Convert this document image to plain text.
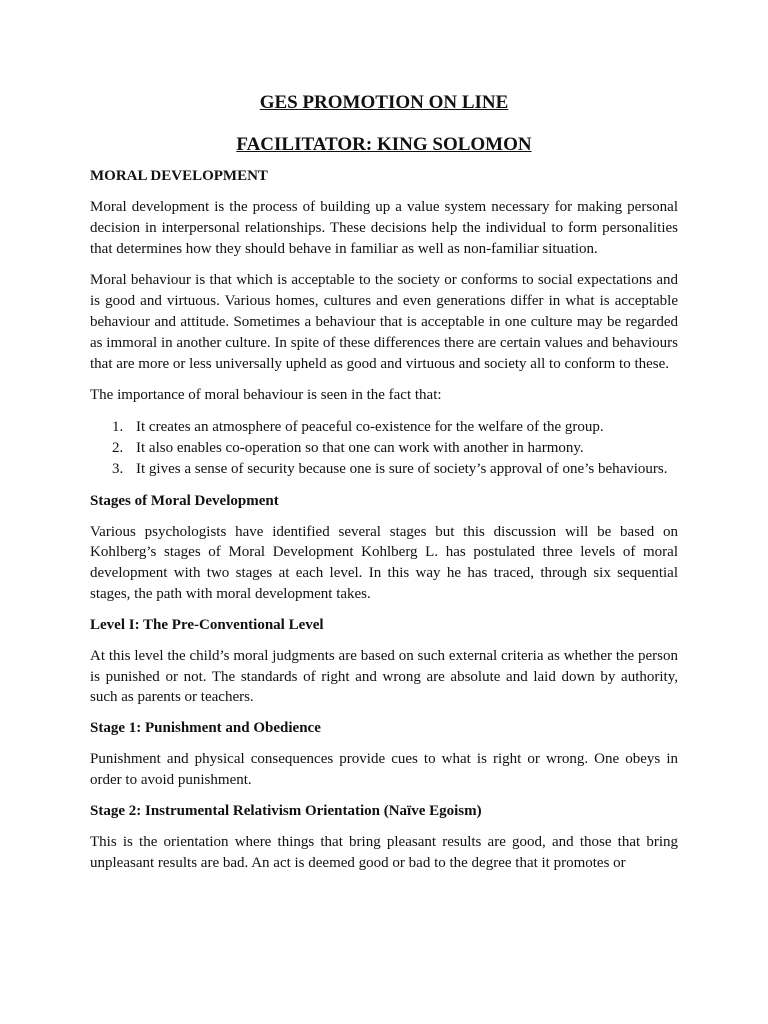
GES PROMOTION ON LINE
FACILITATOR: KING SOLOMON
MORAL DEVELOPMENT

Moral development is the process of building up a value system necessary for making personal decision in interpersonal relationships. These decisions help the individual to form personalities that determines how they should behave in familiar as well as non-familiar situation.

Moral behaviour is that which is acceptable to the society or conforms to social expectations and is good and virtuous. Various homes, cultures and even generations differ in what is acceptable behaviour and attitude. Sometimes a behaviour that is acceptable in one culture may be regarded as immoral in another culture. In spite of these differences there are certain values and behaviours that are more or less universally upheld as good and virtuous and society all to conform to these.

The importance of moral behaviour is seen in the fact that:

1. It creates an atmosphere of peaceful co-existence for the welfare of the group.
2. It also enables co-operation so that one can work with another in harmony.
3. It gives a sense of security because one is sure of society’s approval of one’s behaviours.
Stages of Moral Development

Various psychologists have identified several stages but this discussion will be based on Kohlberg’s stages of Moral Development Kohlberg L. has postulated three levels of moral development with two stages at each level. In this way he has traced, through six sequential stages, the path with moral development takes.

Level I: The Pre-Conventional Level

At this level the child’s moral judgments are based on such external criteria as whether the person is punished or not. The standards of right and wrong are absolute and laid down by authority, such as parents or teachers.

Stage 1: Punishment and Obedience

Punishment and physical consequences provide cues to what is right or wrong. One obeys in order to avoid punishment.

Stage 2: Instrumental Relativism Orientation (Naïve Egoism)

This is the orientation where things that bring pleasant results are good, and those that bring unpleasant results are bad. An act is deemed good or bad to the degree that it promotes or
